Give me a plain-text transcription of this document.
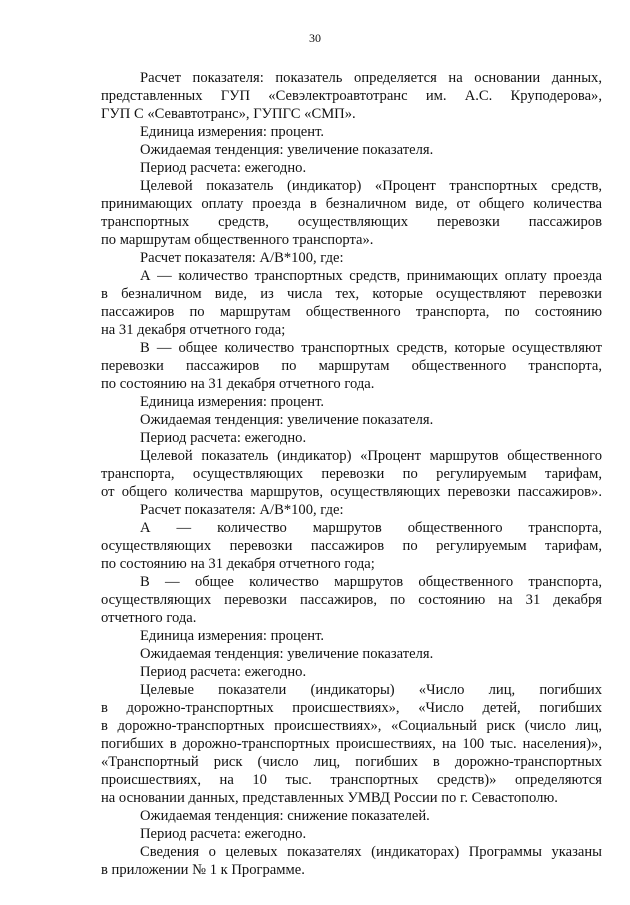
30
Расчет показателя: показатель определяется на основании данных,
представленных ГУП «Севэлектроавтотранс им. А.С. Круподерова»,
ГУП С «Севавтотранс», ГУПГС «СМП».
Единица измерения: процент.
Ожидаемая тенденция: увеличение показателя.
Период расчета: ежегодно.
Целевой показатель (индикатор) «Процент транспортных средств,
принимающих оплату проезда в безналичном виде, от общего количества
транспортных средств, осуществляющих перевозки пассажиров
по маршрутам общественного транспорта».
Расчет показателя: А/В*100, где:
А — количество транспортных средств, принимающих оплату проезда
в безналичном виде, из числа тех, которые осуществляют перевозки
пассажиров по маршрутам общественного транспорта, по состоянию
на 31 декабря отчетного года;
В — общее количество транспортных средств, которые осуществляют
перевозки пассажиров по маршрутам общественного транспорта,
по состоянию на 31 декабря отчетного года.
Единица измерения: процент.
Ожидаемая тенденция: увеличение показателя.
Период расчета: ежегодно.
Целевой показатель (индикатор) «Процент маршрутов общественного
транспорта, осуществляющих перевозки по регулируемым тарифам,
от общего количества маршрутов, осуществляющих перевозки пассажиров».
Расчет показателя: А/В*100, где:
А — количество маршрутов общественного транспорта,
осуществляющих перевозки пассажиров по регулируемым тарифам,
по состоянию на 31 декабря отчетного года;
В — общее количество маршрутов общественного транспорта,
осуществляющих перевозки пассажиров, по состоянию на 31 декабря
отчетного года.
Единица измерения: процент.
Ожидаемая тенденция: увеличение показателя.
Период расчета: ежегодно.
Целевые показатели (индикаторы) «Число лиц, погибших
в дорожно-транспортных происшествиях», «Число детей, погибших
в дорожно-транспортных происшествиях», «Социальный риск (число лиц,
погибших в дорожно-транспортных происшествиях, на 100 тыс. населения)»,
«Транспортный риск (число лиц, погибших в дорожно-транспортных
происшествиях, на 10 тыс. транспортных средств)» определяются
на основании данных, представленных УМВД России по г. Севастополю.
Ожидаемая тенденция: снижение показателей.
Период расчета: ежегодно.
Сведения о целевых показателях (индикаторах) Программы указаны
в приложении № 1 к Программе.
